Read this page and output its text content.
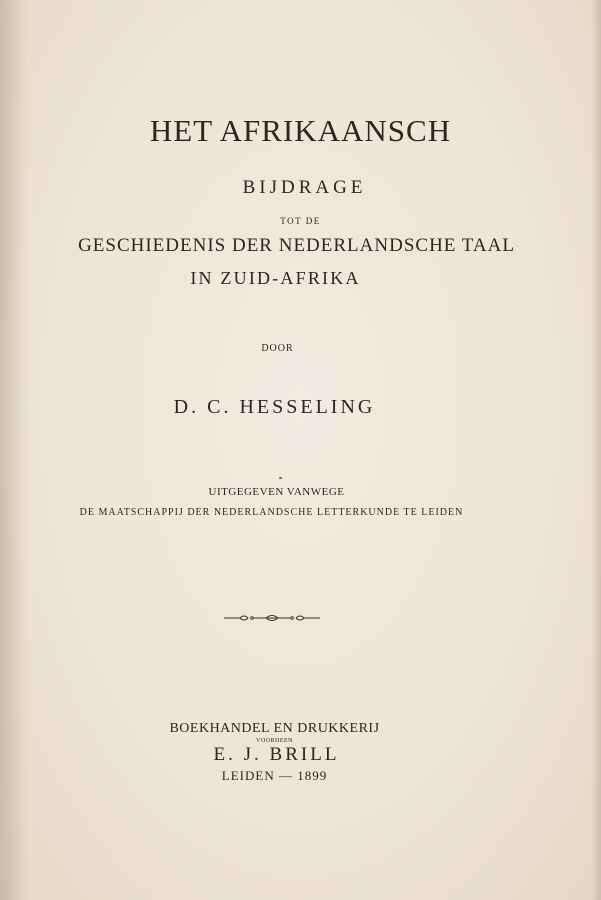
HET AFRIKAANSCH
BIJDRAGE
TOT DE
GESCHIEDENIS DER NEDERLANDSCHE TAAL
IN ZUID-AFRIKA
DOOR
D. C. HESSELING
UITGEGEVEN VANWEGE
DE MAATSCHAPPIJ DER NEDERLANDSCHE LETTERKUNDE TE LEIDEN
BOEKHANDEL EN DRUKKERIJ
VOORHEEN
E. J. BRILL
LEIDEN — 1899
